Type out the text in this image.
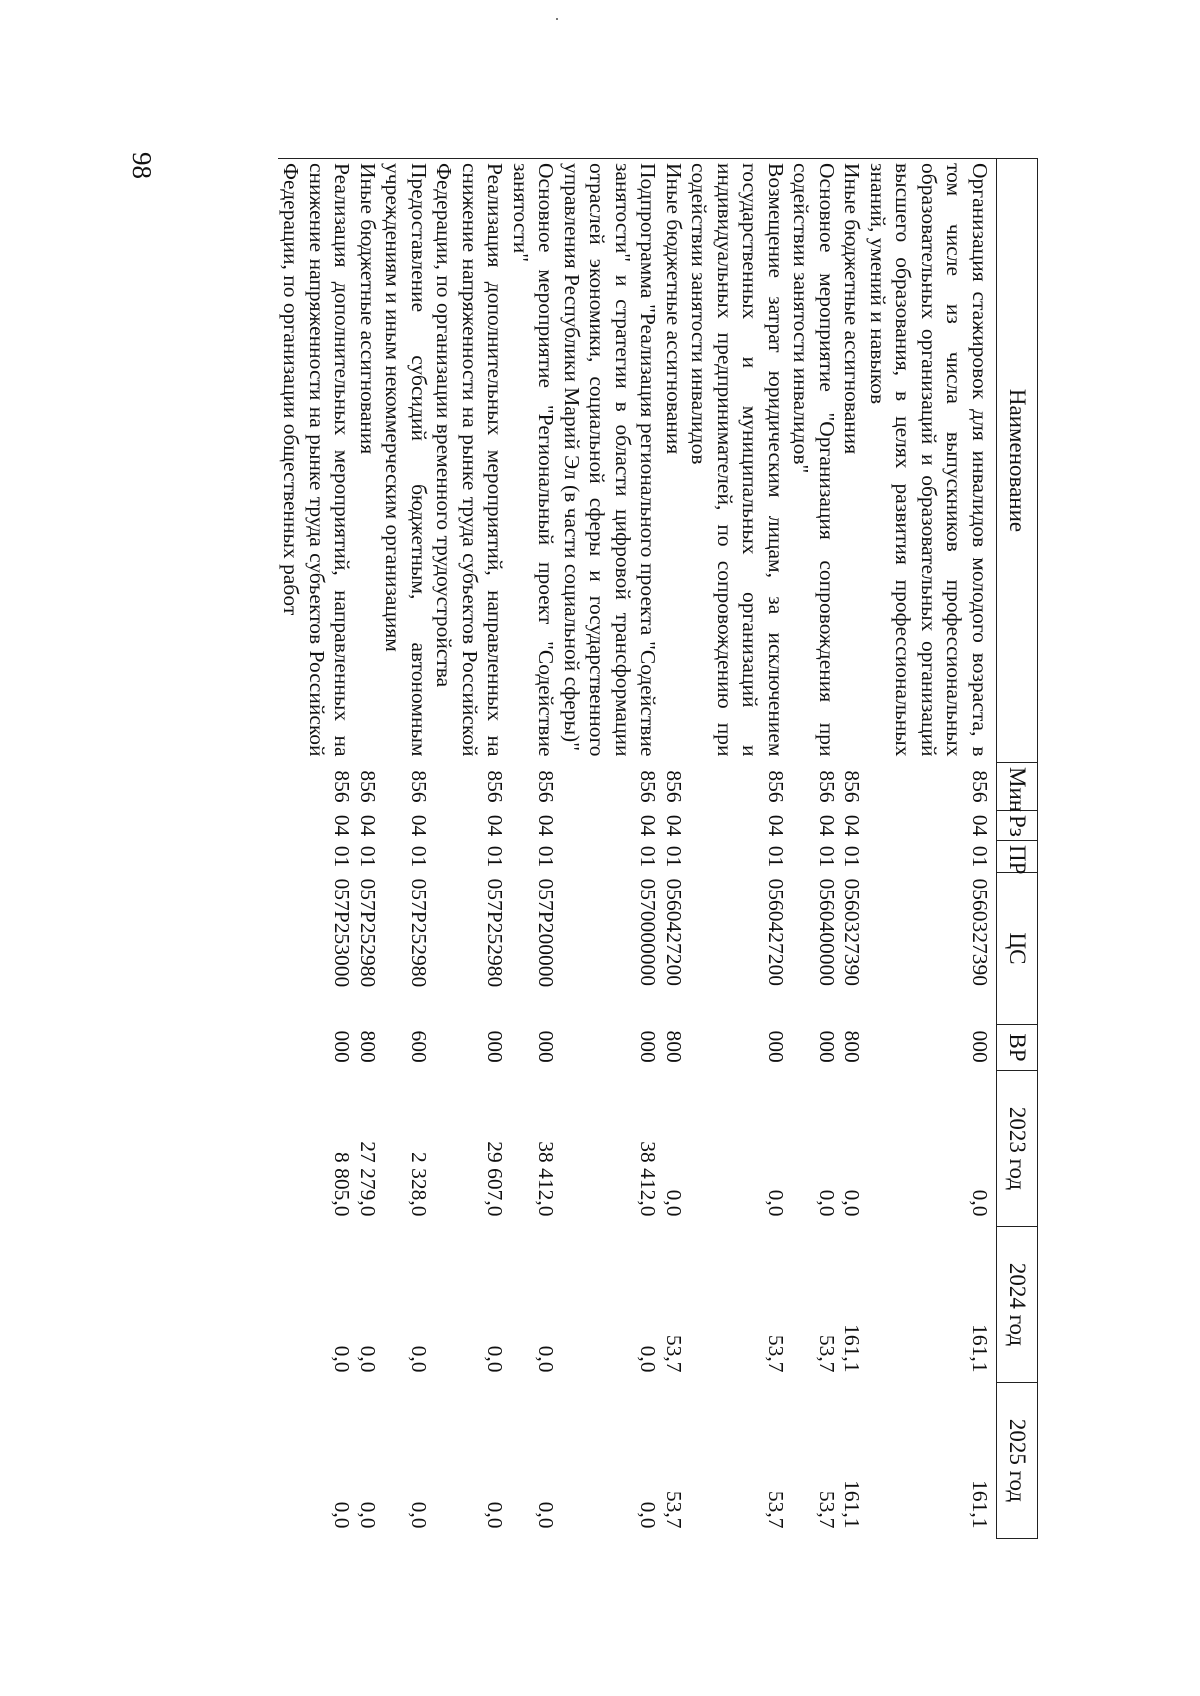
98
Наименование	Мин	Рз	ПР	ЦС	ВР	2023 год	2024 год	2025 год
Организация стажировок для инвалидов молодого возраста, в том числе из числа выпускников профессиональных образовательных организаций и образовательных организаций высшего образования, в целях развития профессиональных знаний, умений и навыков	856	04	01	0560327390	000	0,0	161,1	161,1
Иные бюджетные ассигнования	856	04	01	0560327390	800	0,0	161,1	161,1
Основное мероприятие "Организация сопровождения при содействии занятости инвалидов"	856	04	01	0560400000	000	0,0	53,7	53,7
Возмещение затрат юридическим лицам, за исключением государственных и муниципальных организаций и индивидуальных предпринимателей, по сопровождению при содействии занятости инвалидов	856	04	01	0560427200	000	0,0	53,7	53,7
Иные бюджетные ассигнования	856	04	01	0560427200	800	0,0	53,7	53,7
Подпрограмма "Реализация регионального проекта "Содействие занятости" и стратегии в области цифровой трансформации отраслей экономики, социальной сферы и государственного управления Республики Марий Эл (в части социальной сферы)"	856	04	01	0570000000	000	38 412,0	0,0	0,0
Основное мероприятие "Региональный проект "Содействие занятости"	856	04	01	057P200000	000	38 412,0	0,0	0,0
Реализация дополнительных мероприятий, направленных на снижение напряженности на рынке труда субъектов Российской Федерации, по организации временного трудоустройства	856	04	01	057P252980	000	29 607,0	0,0	0,0
Предоставление субсидий бюджетным, автономным учреждениям и иным некоммерческим организациям	856	04	01	057P252980	600	2 328,0	0,0	0,0
Иные бюджетные ассигнования	856	04	01	057P252980	800	27 279,0	0,0	0,0
Реализация дополнительных мероприятий, направленных на снижение напряженности на рынке труда субъектов Российской Федерации, по организации общественных работ	856	04	01	057P253000	000	8 805,0	0,0	0,0
